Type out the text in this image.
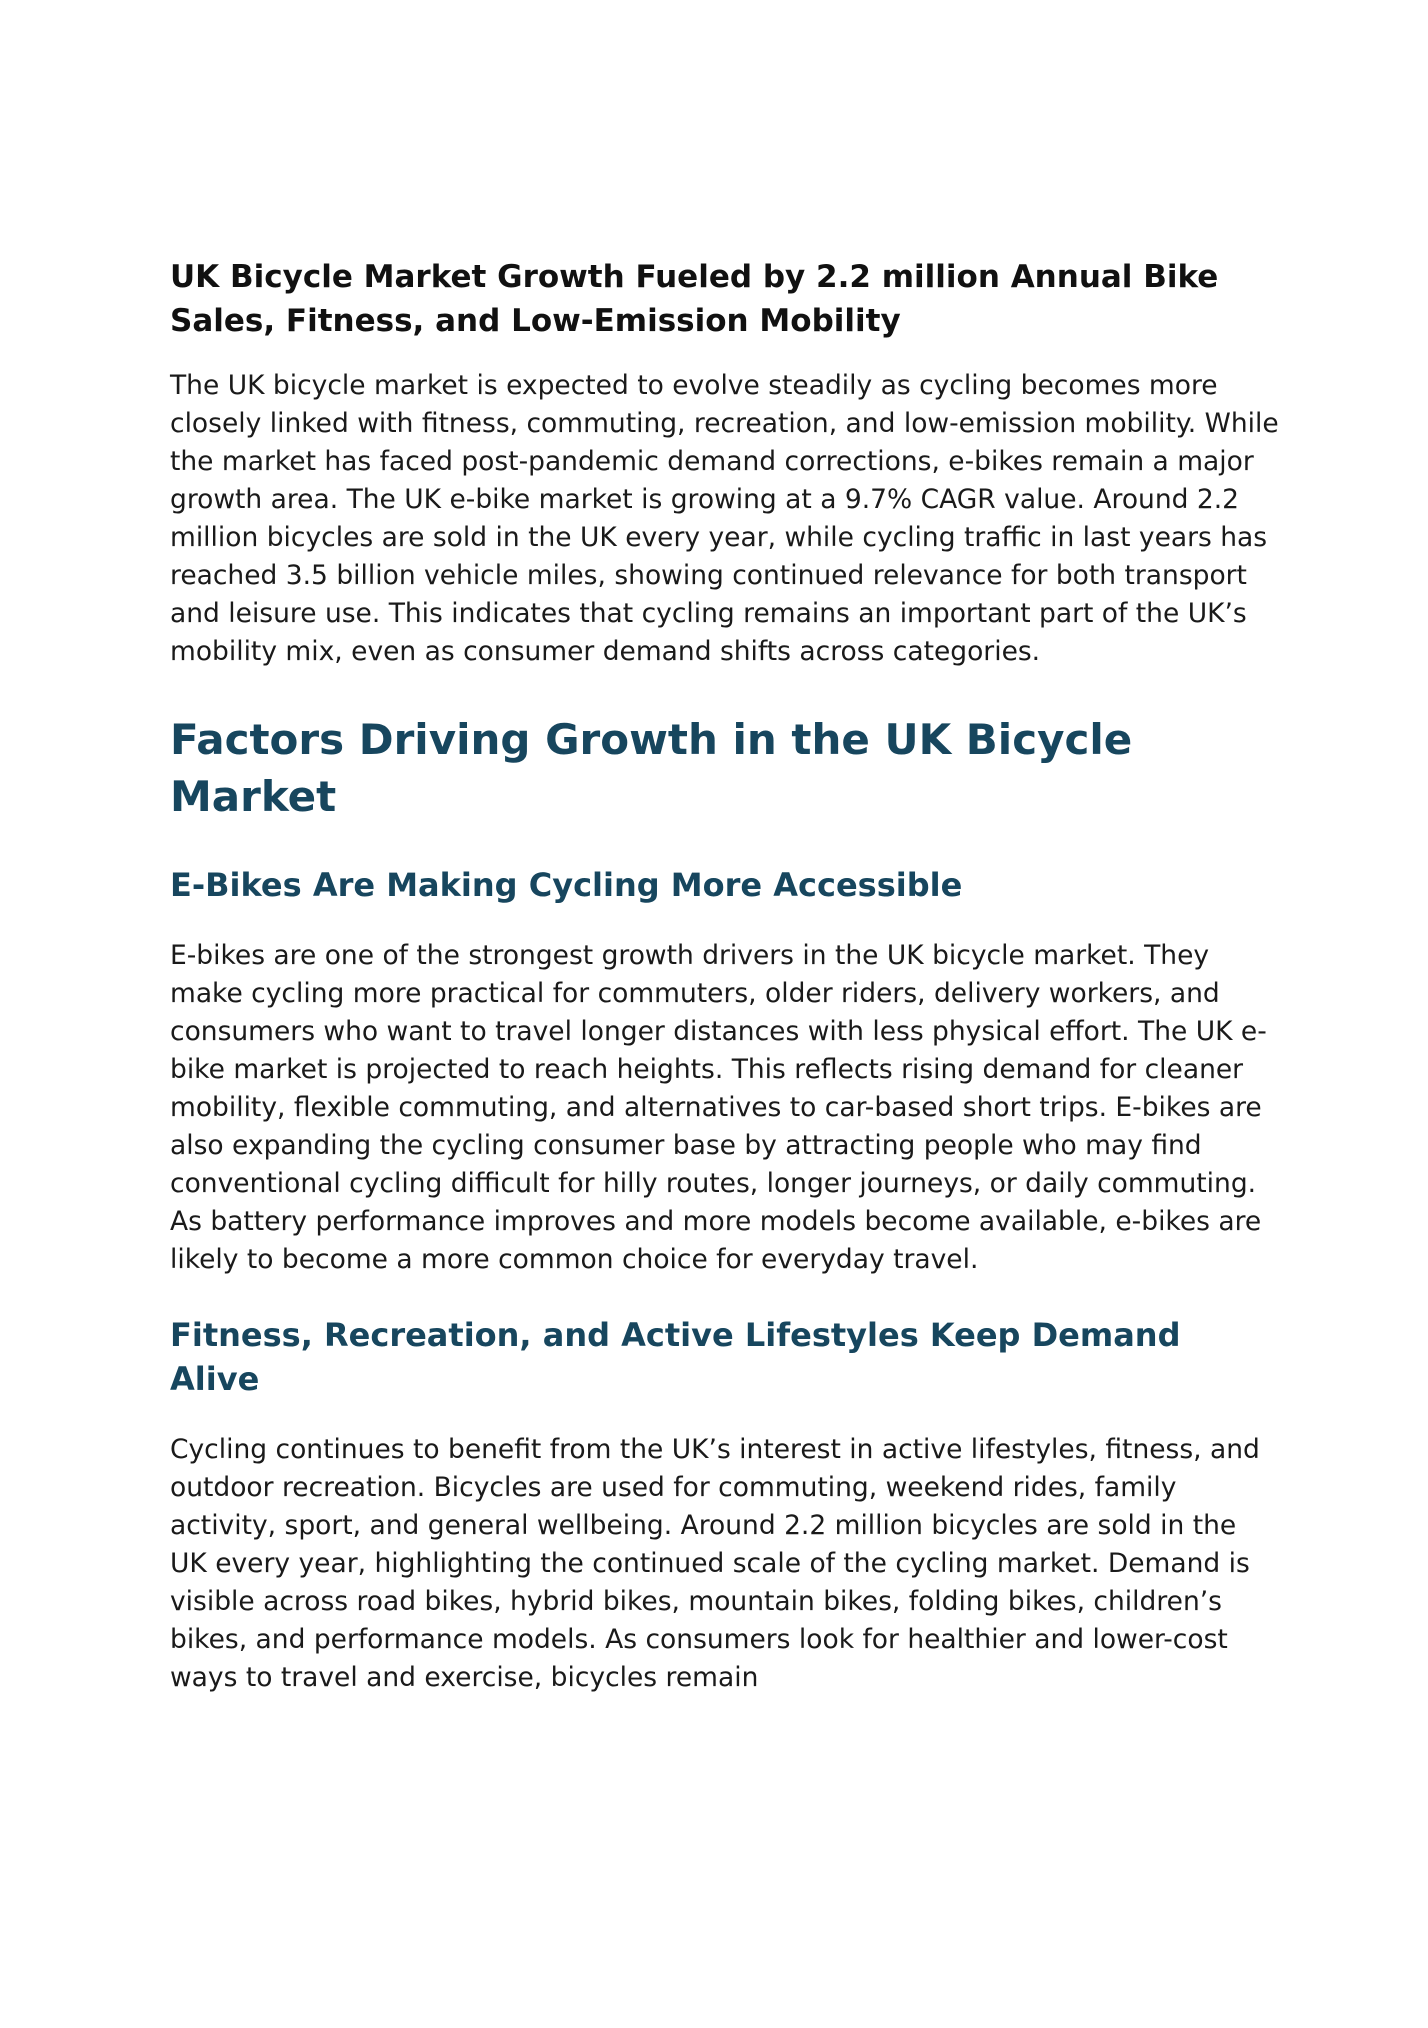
UK Bicycle Market Growth Fueled by 2.2 million Annual Bike Sales, Fitness, and Low-Emission Mobility

The UK bicycle market is expected to evolve steadily as cycling becomes more closely linked with fitness, commuting, recreation, and low-emission mobility. While the market has faced post-pandemic demand corrections, e-bikes remain a major growth area. The UK e-bike market is growing at a 9.7% CAGR value. Around 2.2 million bicycles are sold in the UK every year, while cycling traffic in last years has reached 3.5 billion vehicle miles, showing continued relevance for both transport and leisure use. This indicates that cycling remains an important part of the UK’s mobility mix, even as consumer demand shifts across categories.

Factors Driving Growth in the UK Bicycle Market
E-Bikes Are Making Cycling More Accessible

E-bikes are one of the strongest growth drivers in the UK bicycle market. They make cycling more practical for commuters, older riders, delivery workers, and consumers who want to travel longer distances with less physical effort. The UK e-bike market is projected to reach heights. This reflects rising demand for cleaner mobility, flexible commuting, and alternatives to car-based short trips. E-bikes are also expanding the cycling consumer base by attracting people who may find conventional cycling difficult for hilly routes, longer journeys, or daily commuting. As battery performance improves and more models become available, e-bikes are likely to become a more common choice for everyday travel.

Fitness, Recreation, and Active Lifestyles Keep Demand Alive

Cycling continues to benefit from the UK’s interest in active lifestyles, fitness, and outdoor recreation. Bicycles are used for commuting, weekend rides, family activity, sport, and general wellbeing. Around 2.2 million bicycles are sold in the UK every year, highlighting the continued scale of the cycling market. Demand is visible across road bikes, hybrid bikes, mountain bikes, folding bikes, children’s bikes, and performance models. As consumers look for healthier and lower-cost ways to travel and exercise, bicycles remain
